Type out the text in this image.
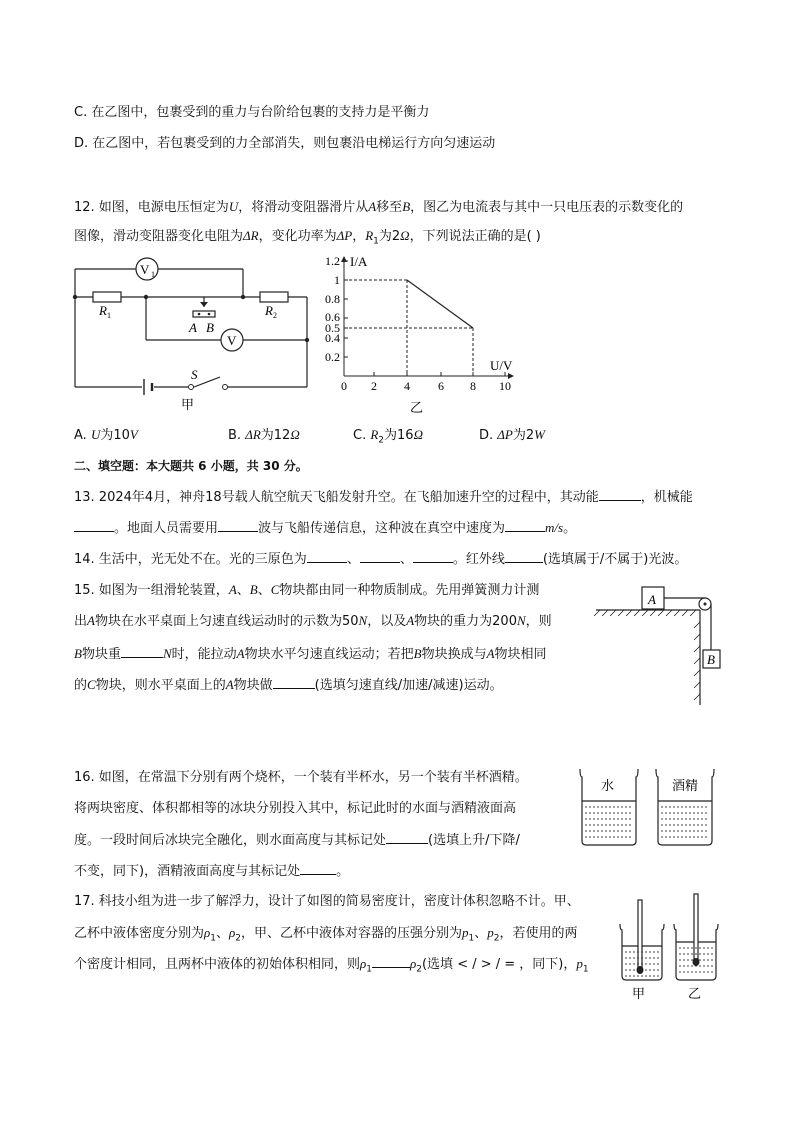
C. 在乙图中，包裹受到的重力与台阶给包裹的支持力是平衡力
D. 在乙图中，若包裹受到的力全部消失，则包裹沿电梯运行方向匀速运动
12. 如图，电源电压恒定为U，将滑动变阻器滑片从A移至B，图乙为电流表与其中一只电压表的示数变化的
图像，滑动变阻器变化电阻为ΔR，变化功率为ΔP，$R_1$为2Ω，下列说法正确的是( )
V 1
V
R 1	R 2
A B
S
甲
I/A
U/V
1.2
1
0.8
0.6
0.5
0.4
0.2
0 2 4 6 8 10
乙
A. U为10V	B. ΔR为12Ω	C. $R_2$为16Ω	D. ΔP为2W
二、填空题：本大题共 6 小题，共 30 分。
13. 2024年4月，神舟18号载人航空航天飞船发射升空。在飞船加速升空的过程中，其动能	，机械能
。地面人员需要用	波与飞船传递信息，这种波在真空中速度为	m/s。
14. 生活中，光无处不在。光的三原色为	、	、	。红外线	(选填属于/不属于)光波。
15. 如图为一组滑轮装置，A、B、C物块都由同一种物质制成。先用弹簧测力计测
出A物块在水平桌面上匀速直线运动时的示数为50N，以及A物块的重力为200N，则
B物块重	N时，能拉动A物块水平匀速直线运动；若把B物块换成与A物块相同
的C物块，则水平桌面上的A物块做	(选填匀速直线/加速/减速)运动。
A
B
16. 如图，在常温下分别有两个烧杯，一个装有半杯水，另一个装有半杯酒精。
将两块密度、体积都相等的冰块分别投入其中，标记此时的水面与酒精液面高
度。一段时间后冰块完全融化，则水面高度与其标记处	(选填上升/下降/
不变，同下)，酒精液面高度与其标记处	。
水	酒精
17. 科技小组为进一步了解浮力，设计了如图的简易密度计，密度计体积忽略不计。甲、
乙杯中液体密度分别为$\rho_1$、$\rho_2$，甲、乙杯中液体对容器的压强分别为$p_1$、$p_2$，若使用的两
个密度计相同，且两杯中液体的初始体积相同，则$\rho_1$	$\rho_2$(选填 < / > / = ，同下)，$p_1$
甲	乙
